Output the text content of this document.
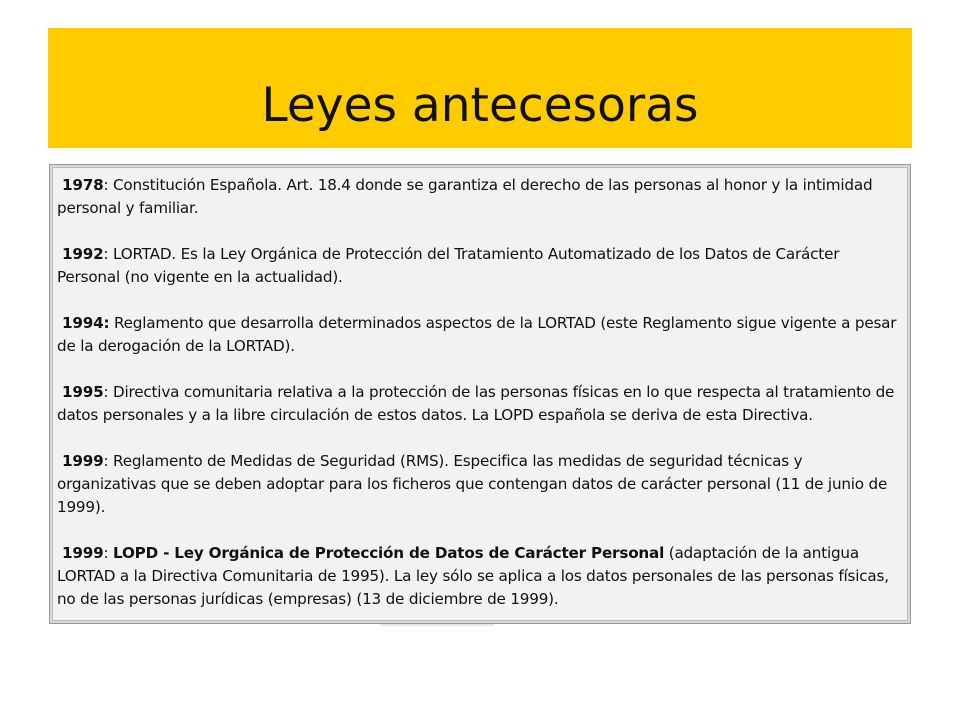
Leyes antecesoras

1978: Constitución Española. Art. 18.4 donde se garantiza el derecho de las personas al honor y la intimidad personal y familiar.

1992: LORTAD. Es la Ley Orgánica de Protección del Tratamiento Automatizado de los Datos de Carácter Personal (no vigente en la actualidad).

1994: Reglamento que desarrolla determinados aspectos de la LORTAD (este Reglamento sigue vigente a pesar de la derogación de la LORTAD).

1995: Directiva comunitaria relativa a la protección de las personas físicas en lo que respecta al tratamiento de datos personales y a la libre circulación de estos datos. La LOPD española se deriva de esta Directiva.

1999: Reglamento de Medidas de Seguridad (RMS). Especifica las medidas de seguridad técnicas y organizativas que se deben adoptar para los ficheros que contengan datos de carácter personal (11 de junio de 1999).

1999: LOPD - Ley Orgánica de Protección de Datos de Carácter Personal (adaptación de la antigua LORTAD a la Directiva Comunitaria de 1995). La ley sólo se aplica a los datos personales de las personas físicas, no de las personas jurídicas (empresas) (13 de diciembre de 1999).
